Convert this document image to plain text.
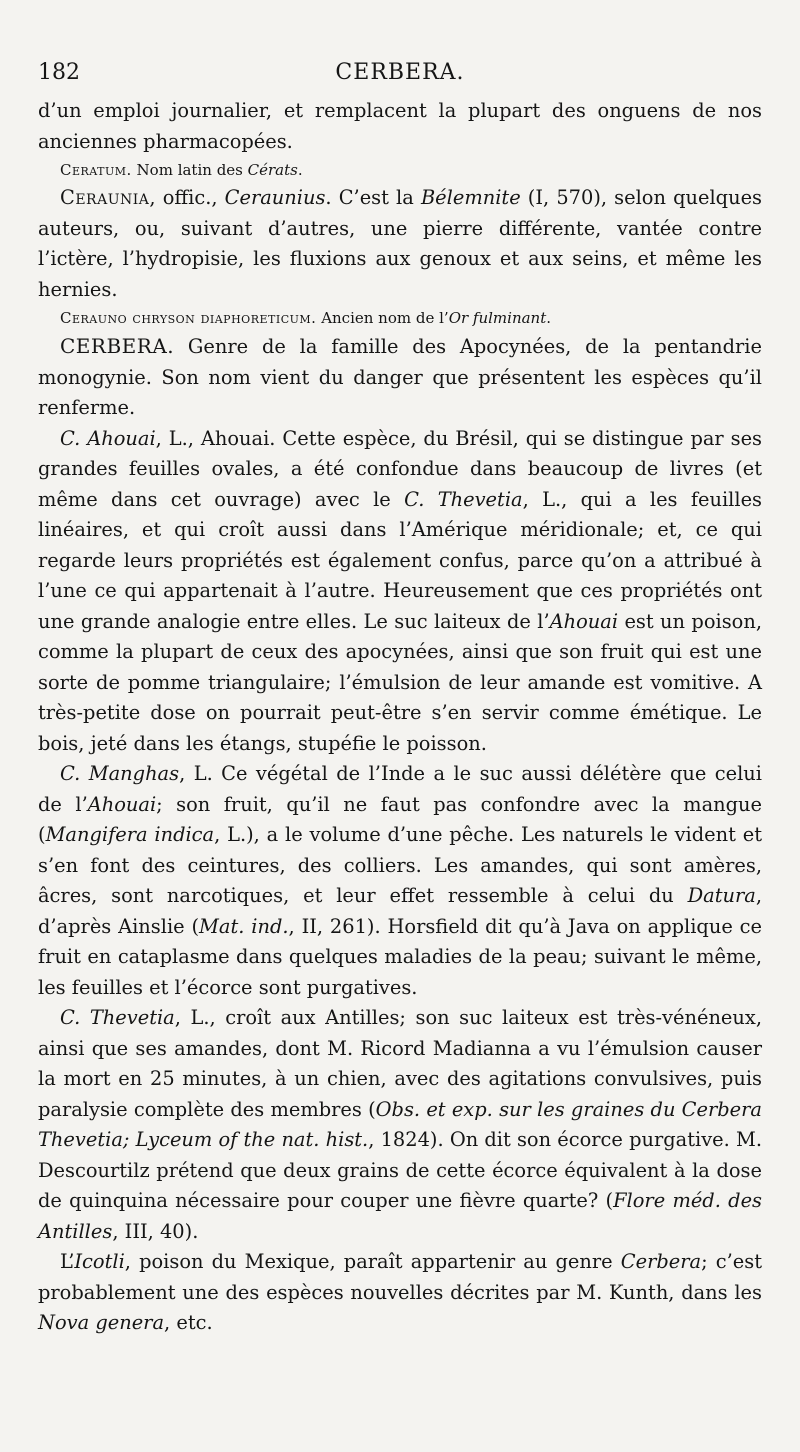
182	CERBERA.

d’un emploi journalier, et remplacent la plupart des onguens de nos anciennes pharmacopées.

Ceratum. Nom latin des Cérats.

Ceraunia, offic., Ceraunius. C’est la Bélemnite (I, 570), selon quelques auteurs, ou, suivant d’autres, une pierre différente, vantée contre l’ictère, l’hydropisie, les fluxions aux genoux et aux seins, et même les hernies.

Cerauno chryson diaphoreticum. Ancien nom de l’Or fulminant.

CERBERA. Genre de la famille des Apocynées, de la pentandrie monogynie. Son nom vient du danger que présentent les espèces qu’il renferme.

C. Ahouai, L., Ahouai. Cette espèce, du Brésil, qui se distingue par ses grandes feuilles ovales, a été confondue dans beaucoup de livres (et même dans cet ouvrage) avec le C. Thevetia, L., qui a les feuilles linéaires, et qui croît aussi dans l’Amérique méridionale; et, ce qui regarde leurs propriétés est également confus, parce qu’on a attribué à l’une ce qui appartenait à l’autre. Heureusement que ces propriétés ont une grande analogie entre elles. Le suc laiteux de l’Ahouai est un poison, comme la plupart de ceux des apocynées, ainsi que son fruit qui est une sorte de pomme triangulaire; l’émulsion de leur amande est vomitive. A très-petite dose on pourrait peut-être s’en servir comme émétique. Le bois, jeté dans les étangs, stupéfie le poisson.

C. Manghas, L. Ce végétal de l’Inde a le suc aussi délétère que celui de l’Ahouai; son fruit, qu’il ne faut pas confondre avec la mangue (Mangifera indica, L.), a le volume d’une pêche. Les naturels le vident et s’en font des ceintures, des colliers. Les amandes, qui sont amères, âcres, sont narcotiques, et leur effet ressemble à celui du Datura, d’après Ainslie (Mat. ind., II, 261). Horsfield dit qu’à Java on applique ce fruit en cataplasme dans quelques maladies de la peau; suivant le même, les feuilles et l’écorce sont purgatives.

C. Thevetia, L., croît aux Antilles; son suc laiteux est très-vénéneux, ainsi que ses amandes, dont M. Ricord Madianna a vu l’émulsion causer la mort en 25 minutes, à un chien, avec des agitations convulsives, puis paralysie complète des membres (Obs. et exp. sur les graines du Cerbera Thevetia; Lyceum of the nat. hist., 1824). On dit son écorce purgative. M. Descourtilz prétend que deux grains de cette écorce équivalent à la dose de quinquina nécessaire pour couper une fièvre quarte? (Flore méd. des Antilles, III, 40).

L’Icotli, poison du Mexique, paraît appartenir au genre Cerbera; c’est probablement une des espèces nouvelles décrites par M. Kunth, dans les Nova genera, etc.
